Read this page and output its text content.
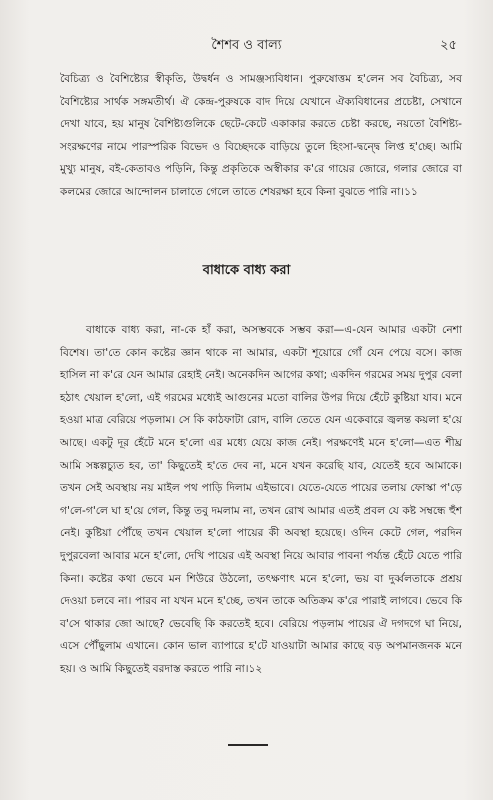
শৈশব ও বাল্য	২৫

বৈচিত্র্য ও বৈশিষ্ট্যের স্বীকৃতি, উদ্বর্ধন ও সামঞ্জস্যবিধান। পুরুষোত্তম হ'লেন সব বৈচিত্র্য, সব বৈশিষ্ট্যের সার্থক সঙ্গমতীর্থ। ঐ কেন্দ্র-পুরুষকে বাদ দিয়ে যেখানে ঐক্যবিধানের প্রচেষ্টা, সেখানে দেখা যাবে, হয় মানুষ বৈশিষ্ট্যগুলিকে ছেটে-কেটে একাকার করতে চেষ্টা করছে, নয়তো বৈশিষ্ট্য-সংরক্ষণের নামে পারস্পরিক বিভেদ ও বিচ্ছেদকে বাড়িয়ে তুলে হিংসা-দ্বন্দ্বে লিপ্ত হ'চ্ছে। আমি মুখ্যু মানুষ, বই-কেতাবও পড়িনি, কিন্তু প্রকৃতিকে অস্বীকার ক'রে গায়ের জোরে, গলার জোরে বা কলমের জোরে আন্দোলন চালাতে গেলে তাতে শেষরক্ষা হবে কিনা বুঝতে পারি না।১১

বাধাকে বাধ্য করা

বাধাকে বাধ্য করা, না-কে হাঁ করা, অসম্ভবকে সম্ভব করা—এ-যেন আমার একটা নেশা বিশেষ। তা'তে কোন কষ্টের জ্ঞান থাকে না আমার, একটা শূয়োরে গোঁ যেন পেয়ে বসে। কাজ হাসিল না ক'রে যেন আমার রেহাই নেই। অনেকদিন আগের কথা; একদিন গরমের সময় দুপুর বেলা হঠাৎ খেয়াল হ'লো, এই গরমের মধ্যেই আগুনের মতো বালির উপর দিয়ে হেঁটে কুষ্টিয়া যাব। মনে হওয়া মাত্র বেরিয়ে পড়লাম। সে কি কাঠফাটা রোদ, বালি তেতে যেন একেবারে জ্বলন্ত কয়লা হ'য়ে আছে। একটু দূর হেঁটে মনে হ'লো এর মধ্যে যেয়ে কাজ নেই। পরক্ষণেই মনে হ'লো—এত শীঘ্র আমি সঙ্কল্পচ্যুত হব, তা' কিছুতেই হ'তে দেব না, মনে যখন করেছি যাব, যেতেই হবে আমাকে। তখন সেই অবস্থায় নয় মাইল পথ পাড়ি দিলাম এইভাবে। যেতে-যেতে পায়ের তলায় ফোস্কা প'ড়ে গ'লে-গ'লে ঘা হ'য়ে গেল, কিন্তু তবু দমলাম না, তখন রোখ আমার এতই প্রবল যে কষ্ট সম্বন্ধে হুঁশ নেই। কুষ্টিয়া পৌঁছে তখন খেয়াল হ'লো পায়ের কী অবস্থা হয়েছে। ওদিন কেটে গেল, পরদিন দুপুরবেলা আবার মনে হ'লো, দেখি পায়ের এই অবস্থা নিয়ে আবার পাবনা পর্য্যন্ত হেঁটে যেতে পারি কিনা। কষ্টের কথা ভেবে মন শিউরে উঠলো, তৎক্ষণাৎ মনে হ'লো, ভয় বা দুর্ব্বলতাকে প্রশ্রয় দেওয়া চলবে না। পারব না যখন মনে হ'চ্ছে, তখন তাকে অতিক্রম ক'রে পারাই লাগবে। ভেবে কি ব'সে থাকার জো আছে? ভেবেছি কি করতেই হবে। বেরিয়ে পড়লাম পায়ের ঐ দগদগে ঘা নিয়ে, এসে পৌঁছুলাম এখানে। কোন ভাল ব্যাপারে হ'টে যাওয়াটা আমার কাছে বড় অপমানজনক মনে হয়। ও আমি কিছুতেই বরদাস্ত করতে পারি না।১২
